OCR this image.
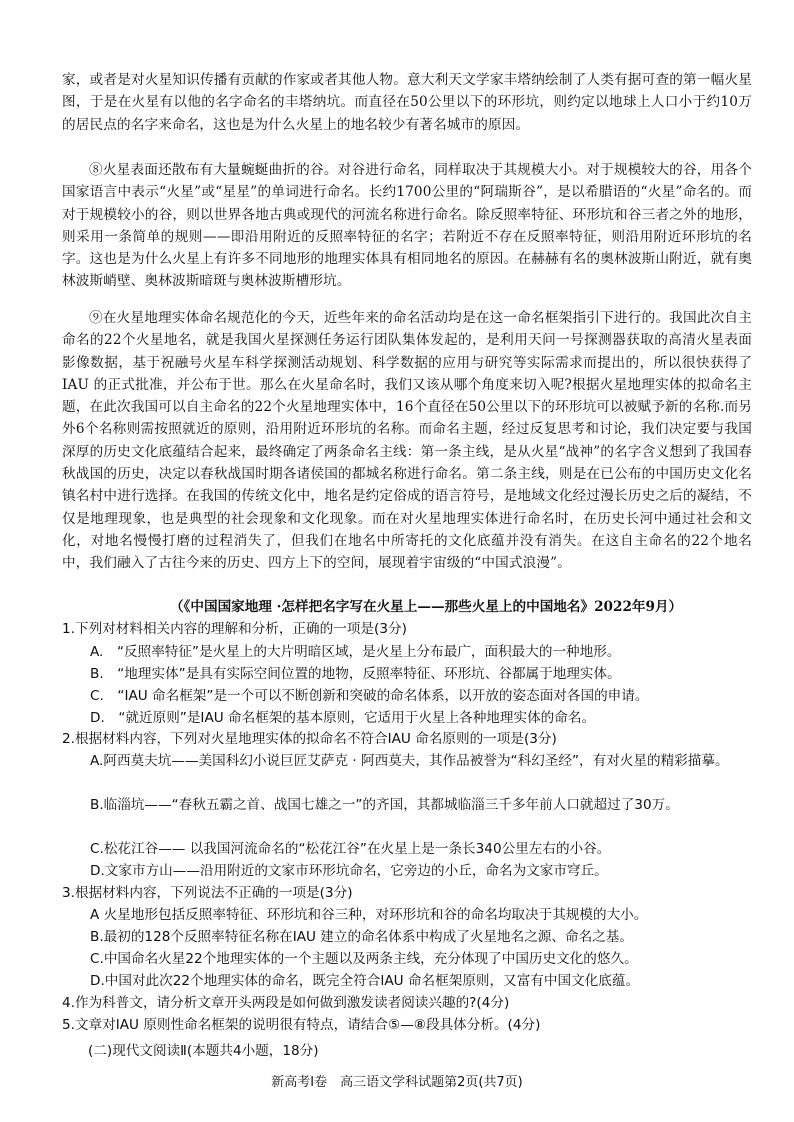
家，或者是对火星知识传播有贡献的作家或者其他人物。意大利天文学家丰塔纳绘制了人类有据可查的第一幅火星图，于是在火星有以他的名字命名的丰塔纳坑。而直径在50公里以下的环形坑，则约定以地球上人口小于约10万的居民点的名字来命名，这也是为什么火星上的地名较少有著名城市的原因。

⑧火星表面还散布有大量蜿蜒曲折的谷。对谷进行命名，同样取决于其规模大小。对于规模较大的谷，用各个国家语言中表示“火星”或“星星”的单词进行命名。长约1700公里的“阿瑞斯谷”，是以希腊语的“火星”命名的。而对于规模较小的谷，则以世界各地古典或现代的河流名称进行命名。除反照率特征、环形坑和谷三者之外的地形，则采用一条简单的规则——即沿用附近的反照率特征的名字；若附近不存在反照率特征，则沿用附近环形坑的名字。这也是为什么火星上有许多不同地形的地理实体具有相同地名的原因。在赫赫有名的奥林波斯山附近，就有奥林波斯峭壁、奥林波斯暗斑与奥林波斯槽形坑。

⑨在火星地理实体命名规范化的今天，近些年来的命名活动均是在这一命名框架指引下进行的。我国此次自主命名的22个火星地名，就是我国火星探测任务运行团队集体发起的，是利用天问一号探测器获取的高清火星表面影像数据，基于祝融号火星车科学探测活动规划、科学数据的应用与研究等实际需求而提出的，所以很快获得了IAU 的正式批准，并公布于世。那么在火星命名时，我们又该从哪个角度来切入呢?根据火星地理实体的拟命名主题，在此次我国可以自主命名的22个火星地理实体中，16个直径在50公里以下的环形坑可以被赋予新的名称.而另外6个名称则需按照就近的原则，沿用附近环形坑的名称。而命名主题，经过反复思考和讨论，我们决定要与我国深厚的历史文化底蕴结合起来，最终确定了两条命名主线：第一条主线，是从火星“战神”的名字含义想到了我国春秋战国的历史，决定以春秋战国时期各诸侯国的都城名称进行命名。第二条主线，则是在已公布的中国历史文化名镇名村中进行选择。在我国的传统文化中，地名是约定俗成的语言符号，是地域文化经过漫长历史之后的凝结，不仅是地理现象，也是典型的社会现象和文化现象。而在对火星地理实体进行命名时，在历史长河中通过社会和文化，对地名慢慢打磨的过程消失了，但我们在地名中所寄托的文化底蕴并没有消失。在这自主命名的22个地名中，我们融入了古往今来的历史、四方上下的空间，展现着宇宙级的“中国式浪漫”。

（《中国国家地理 ·怎样把名字写在火星上——那些火星上的中国地名》2022年9月）
1.下列对材料相关内容的理解和分析，正确的一项是(3分)
A.　“反照率特征”是火星上的大片明暗区域，是火星上分布最广，面积最大的一种地形。
B.　“地理实体”是具有实际空间位置的地物，反照率特征、环形坑、谷都属于地理实体。
C.　“IAU 命名框架”是一个可以不断创新和突破的命名体系，以开放的姿态面对各国的申请。
D.　“就近原则”是IAU 命名框架的基本原则，它适用于火星上各种地理实体的命名。
2.根据材料内容，下列对火星地理实体的拟命名不符合IAU 命名原则的一项是(3分)
A.阿西莫夫坑——美国科幻小说巨匠艾萨克 · 阿西莫夫，其作品被誉为“科幻圣经”，有对火星的精彩描摹。
B.临淄坑——“春秋五霸之首、战国七雄之一”的齐国，其都城临淄三千多年前人口就超过了30万。
C.松花江谷—— 以我国河流命名的“松花江谷”在火星上是一条长340公里左右的小谷。
D.文家市方山——沿用附近的文家市环形坑命名，它旁边的小丘，命名为文家市穹丘。
3.根据材料内容，下列说法不正确的一项是(3分)
A 火星地形包括反照率特征、环形坑和谷三种，对环形坑和谷的命名均取决于其规模的大小。
B.最初的128个反照率特征名称在IAU 建立的命名体系中构成了火星地名之源、命名之基。
C.中国命名火星22个地理实体的一个主题以及两条主线，充分体现了中国历史文化的悠久。
D.中国对此次22个地理实体的命名，既完全符合IAU 命名框架原则，又富有中国文化底蕴。
4.作为科普文，请分析文章开头两段是如何做到激发读者阅读兴趣的?(4分)
5.文章对IAU 原则性命名框架的说明很有特点，请结合⑤—⑧段具体分析。(4分)
(二)现代文阅读Ⅱ(本题共4小题，18分)
新高考Ⅰ卷　高三语文学科试题第2页(共7页)
